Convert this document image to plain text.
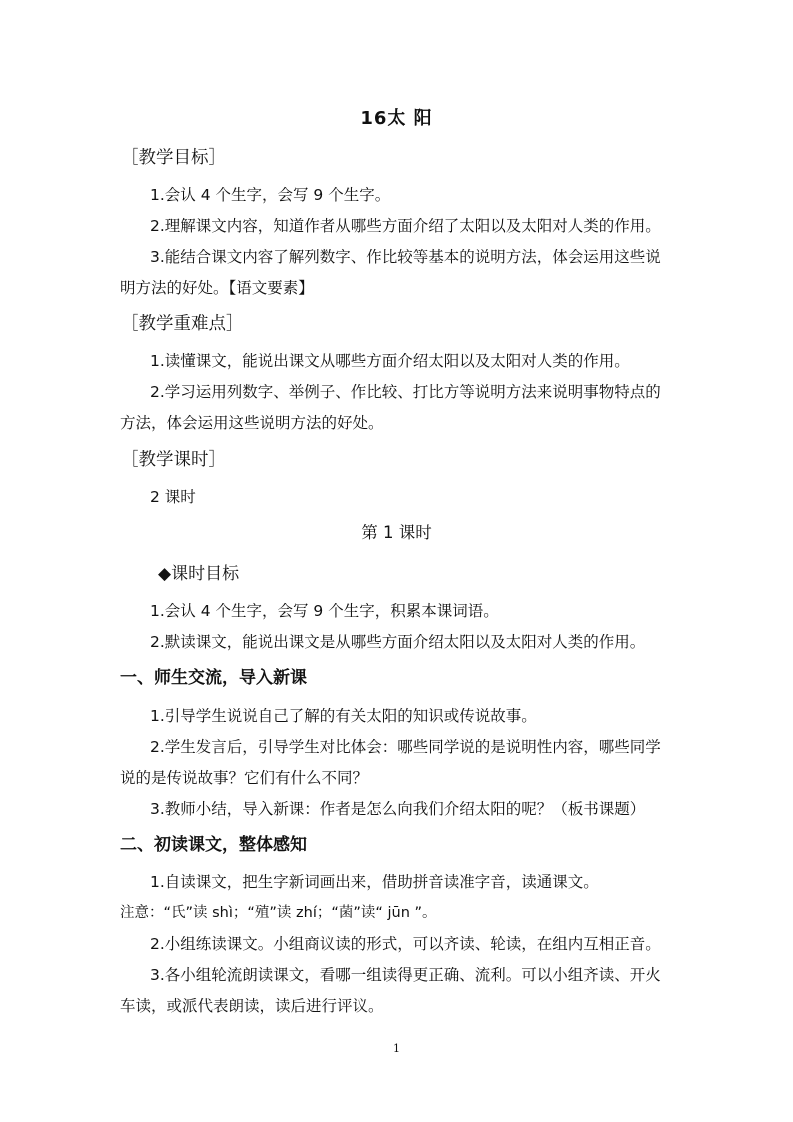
16太 阳
［教学目标］
1.会认 4 个生字，会写 9 个生字。
2.理解课文内容，知道作者从哪些方面介绍了太阳以及太阳对人类的作用。
3.能结合课文内容了解列数字、作比较等基本的说明方法，体会运用这些说
明方法的好处。【语文要素】
［教学重难点］
1.读懂课文，能说出课文从哪些方面介绍太阳以及太阳对人类的作用。
2.学习运用列数字、举例子、作比较、打比方等说明方法来说明事物特点的
方法，体会运用这些说明方法的好处。
［教学课时］
2 课时
第 1 课时
◆课时目标
1.会认 4 个生字，会写 9 个生字，积累本课词语。
2.默读课文，能说出课文是从哪些方面介绍太阳以及太阳对人类的作用。
一、师生交流，导入新课
1.引导学生说说自己了解的有关太阳的知识或传说故事。
2.学生发言后，引导学生对比体会：哪些同学说的是说明性内容，哪些同学
说的是传说故事？它们有什么不同？
3.教师小结，导入新课：作者是怎么向我们介绍太阳的呢？（板书课题）
二、初读课文，整体感知
1.自读课文，把生字新词画出来，借助拼音读准字音，读通课文。
注意：“氏”读 shì；“殖”读 zhí；“菌”读“ jūn ”。
2.小组练读课文。小组商议读的形式，可以齐读、轮读，在组内互相正音。
3.各小组轮流朗读课文，看哪一组读得更正确、流利。可以小组齐读、开火
车读，或派代表朗读，读后进行评议。
1
